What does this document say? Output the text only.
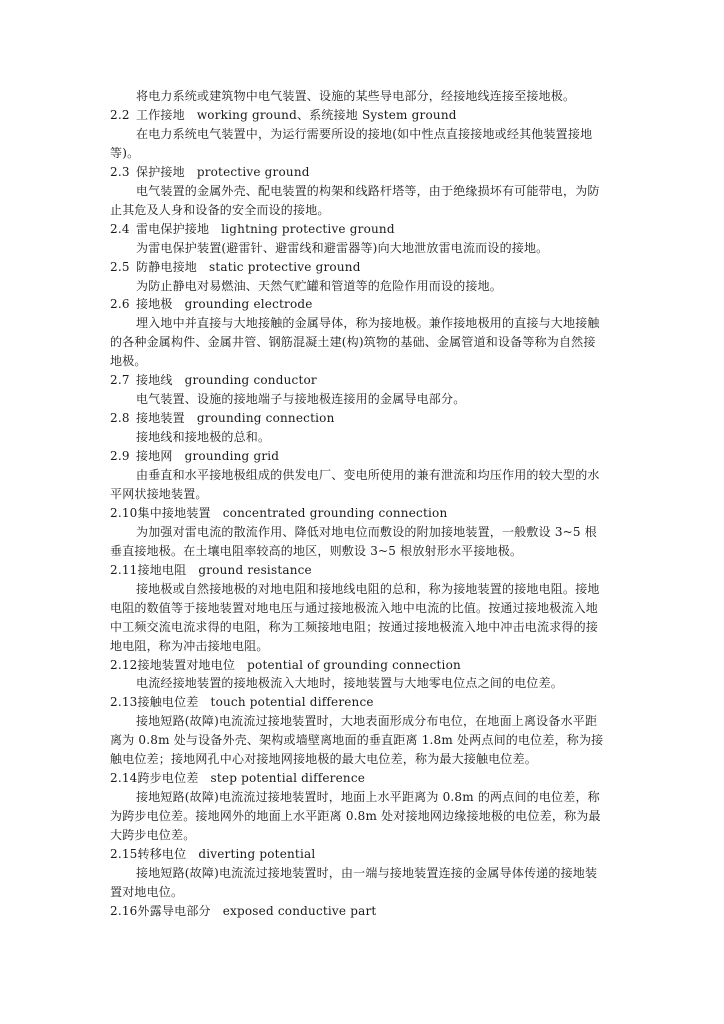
将电力系统或建筑物中电气装置、设施的某些导电部分，经接地线连接至接地极。
2.2 工作接地 working ground、系统接地 System ground
在电力系统电气装置中，为运行需要所设的接地(如中性点直接接地或经其他装置接地
等)。
2.3 保护接地 protective ground
电气装置的金属外壳、配电装置的构架和线路杆塔等，由于绝缘损坏有可能带电，为防
止其危及人身和设备的安全而设的接地。
2.4 雷电保护接地 lightning protective ground
为雷电保护装置(避雷针、避雷线和避雷器等)向大地泄放雷电流而设的接地。
2.5 防静电接地 static protective ground
为防止静电对易燃油、天然气贮罐和管道等的危险作用而设的接地。
2.6 接地极 grounding electrode
埋入地中并直接与大地接触的金属导体，称为接地极。兼作接地极用的直接与大地接触
的各种金属构件、金属井管、钢筋混凝土建(构)筑物的基础、金属管道和设备等称为自然接
地极。
2.7 接地线 grounding conductor
电气装置、设施的接地端子与接地极连接用的金属导电部分。
2.8 接地装置 grounding connection
接地线和接地极的总和。
2.9 接地网 grounding grid
由垂直和水平接地极组成的供发电厂、变电所使用的兼有泄流和均压作用的较大型的水
平网状接地装置。
2.10集中接地装置 concentrated grounding connection
为加强对雷电流的散流作用、降低对地电位而敷设的附加接地装置，一般敷设 3~5 根
垂直接地极。在土壤电阻率较高的地区，则敷设 3~5 根放射形水平接地极。
2.11接地电阻 ground resistance
接地极或自然接地极的对地电阻和接地线电阻的总和，称为接地装置的接地电阻。接地
电阻的数值等于接地装置对地电压与通过接地极流入地中电流的比值。按通过接地极流入地
中工频交流电流求得的电阻，称为工频接地电阻；按通过接地极流入地中冲击电流求得的接
地电阻，称为冲击接地电阻。
2.12接地装置对地电位 potential of grounding connection
电流经接地装置的接地极流入大地时，接地装置与大地零电位点之间的电位差。
2.13接触电位差 touch potential difference
接地短路(故障)电流流过接地装置时，大地表面形成分布电位，在地面上离设备水平距
离为 0.8m 处与设备外壳、架构或墙壁离地面的垂直距离 1.8m 处两点间的电位差，称为接
触电位差；接地网孔中心对接地网接地极的最大电位差，称为最大接触电位差。
2.14跨步电位差 step potential difference
接地短路(故障)电流流过接地装置时，地面上水平距离为 0.8m 的两点间的电位差，称
为跨步电位差。接地网外的地面上水平距离 0.8m 处对接地网边缘接地极的电位差，称为最
大跨步电位差。
2.15转移电位 diverting potential
接地短路(故障)电流流过接地装置时，由一端与接地装置连接的金属导体传递的接地装
置对地电位。
2.16外露导电部分 exposed conductive part
